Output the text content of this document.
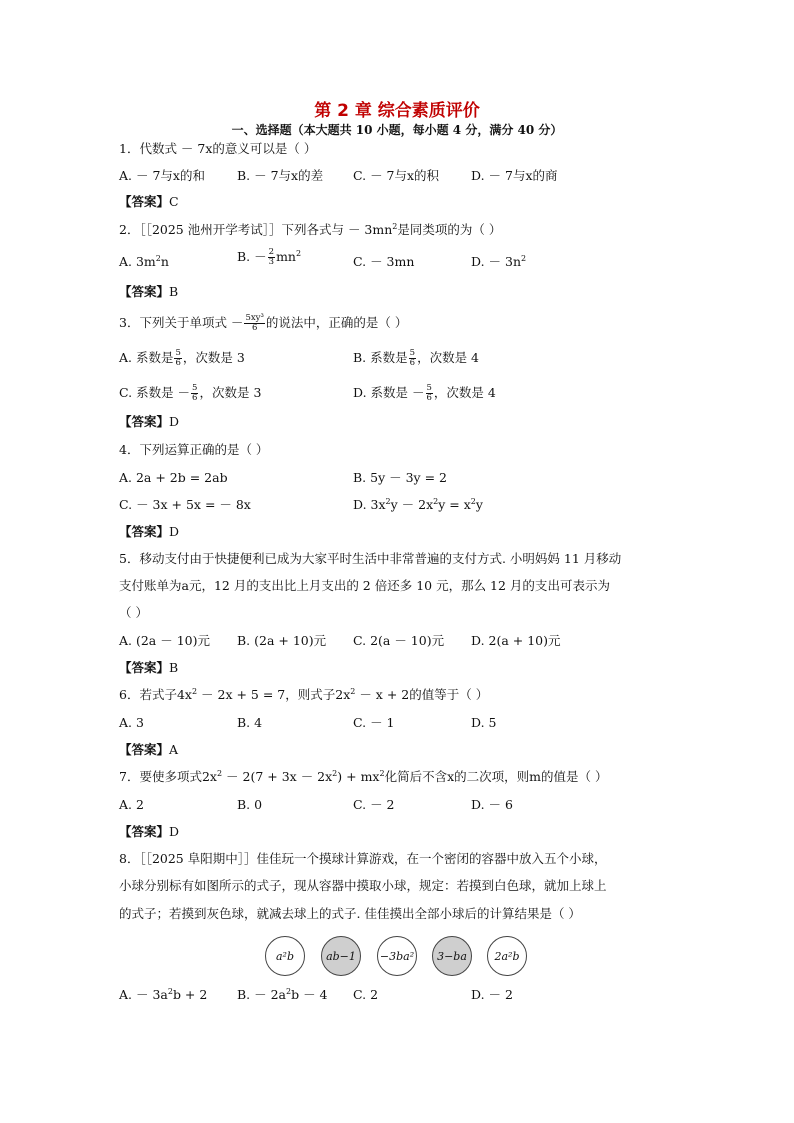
第 2 章 综合素质评价
一、选择题（本大题共 10 小题，每小题 4 分，满分 40 分）
1．代数式 － 7x的意义可以是（ ）
A. － 7与x的和	B. － 7与x的差 C. － 7与x的积	D. － 7与x的商
【答案】C
2．［［2025 池州开学考试］］下列各式与 － $3mn^2$是同类项的为（ ）
A. $3m^2n$	B. － $\frac{2}{3} mn^2$
C. － 3mn	D. － $3n^2$
【答案】B
3．下列关于单项式 － $\frac{\text{5xy³}}{6}$ 的说法中，正确的是（ ）
A. 系数是 $\frac{5}{6}$ ，次数是 3	B. 系数是 $\frac{5}{6}$ ，次数是 4
C. 系数是 － $\frac{5}{6}$ ，次数是 3	D. 系数是 － $\frac{5}{6}$ ，次数是 4
【答案】D
4．下列运算正确的是（ ）
A. 2a + 2b = 2ab	B. 5y － 3y = 2
C. － 3x + 5x = － 8x	D. $3x^2y - 2x^2y = x^2y$
【答案】D
5．移动支付由于快捷便利已成为大家平时生活中非常普遍的支付方式. 小明妈妈 11 月移动
支付账单为a元，12 月的支出比上月支出的 2 倍还多 10 元，那么 12 月的支出可表示为
（ ）
A. (2a － 10)元 B. (2a + 10)元 C. 2(a － 10)元 D. 2(a + 10)元
【答案】B
6．若式子$4x^2 - 2x + 5 = 7$，则式子$2x^2 - x + 2$的值等于（ ）
A. 3	B. 4	C. － 1	D. 5
【答案】A
7．要使多项式$2x^2 - 2(7 + 3x - 2x^2) + mx^2$化简后不含x的二次项，则m的值是（ ）
A. 2	B. 0	C. － 2	D. － 6
【答案】D
8．［［2025 阜阳期中］］佳佳玩一个摸球计算游戏，在一个密闭的容器中放入五个小球，
小球分别标有如图所示的式子，现从容器中摸取小球，规定：若摸到白色球，就加上球上
的式子；若摸到灰色球，就减去球上的式子. 佳佳摸出全部小球后的计算结果是（ ）
a²b	ab−1 −3ba² 3−ba	2a²b
A. － $3a^2b + 2$ B. － $2a^2b - 4$ C. 2	D. － 2
